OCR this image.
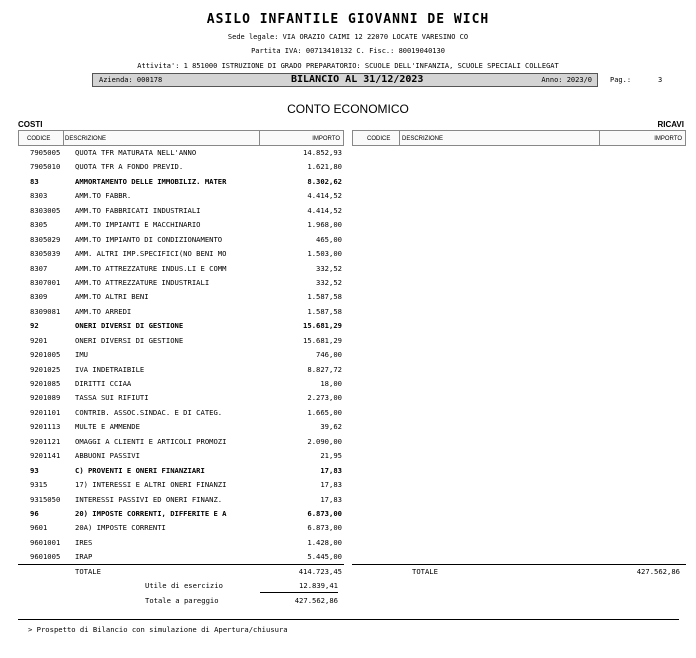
ASILO INFANTILE GIOVANNI DE WICH
Sede legale: VIA ORAZIO CAIMI 12 22070 LOCATE VARESINO CO
Partita IVA: 00713410132 C. Fisc.: 80019040130
Attivita': 1 851000 ISTRUZIONE DI GRADO PREPARATORIO: SCUOLE DELL'INFANZIA, SCUOLE SPECIALI COLLEGAT
Azienda: 000178	BILANCIO AL 31/12/2023	Anno: 2023/0	Pag.:	3
CONTO ECONOMICO
COSTI	RICAVI
CODICE DESCRIZIONE	IMPORTO	CODICE DESCRIZIONE	IMPORTO
7905005 QUOTA TFR MATURATA NELL'ANNO	14.852,93
7905010 QUOTA TFR A FONDO PREVID.	1.621,80
83	AMMORTAMENTO DELLE IMMOBILIZ. MATER	8.302,62
8303	AMM.TO FABBR.	4.414,52
8303005 AMM.TO FABBRICATI INDUSTRIALI	4.414,52
8305	AMM.TO IMPIANTI E MACCHINARIO	1.968,00
8305029 AMM.TO IMPIANTO DI CONDIZIONAMENTO	465,00
8305039 AMM. ALTRI IMP.SPECIFICI(NO BENI MO	1.503,00
8307	AMM.TO ATTREZZATURE INDUS.LI E COMM	332,52
8307001 AMM.TO ATTREZZATURE INDUSTRIALI	332,52
8309	AMM.TO ALTRI BENI	1.587,58
8309081 AMM.TO ARREDI	1.587,58
92	ONERI DIVERSI DI GESTIONE	15.681,29
9201	ONERI DIVERSI DI GESTIONE	15.681,29
9201005 IMU	746,00
9201025 IVA INDETRAIBILE	8.827,72
9201085 DIRITTI CCIAA	18,00
9201089 TASSA SUI RIFIUTI	2.273,00
9201101 CONTRIB. ASSOC.SINDAC. E DI CATEG.	1.665,00
9201113 MULTE E AMMENDE	39,62
9201121 OMAGGI A CLIENTI E ARTICOLI PROMOZI	2.090,00
9201141 ABBUONI PASSIVI	21,95
93	C) PROVENTI E ONERI FINANZIARI	17,83
9315	17) INTERESSI E ALTRI ONERI FINANZI	17,83
9315050 INTERESSI PASSIVI ED ONERI FINANZ.	17,83
96	20) IMPOSTE CORRENTI, DIFFERITE E A	6.873,00
9601	20A) IMPOSTE CORRENTI	6.873,00
9601001 IRES	1.428,00
9601005 IRAP	5.445,00
TOTALE	414.723,45	TOTALE	427.562,86
Utile di esercizio	12.839,41
Totale a pareggio	427.562,86
> Prospetto di Bilancio con simulazione di Apertura/chiusura
